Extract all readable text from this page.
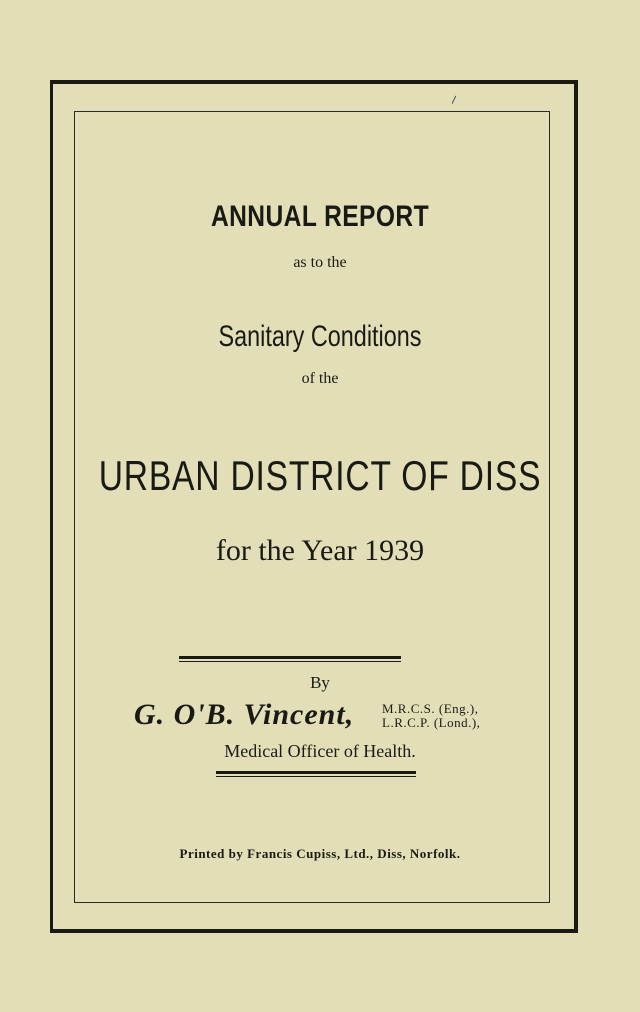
⸝
ANNUAL REPORT
as to the
Sanitary Conditions
of the
URBAN DISTRICT OF DISS
for the Year 1939
By
G. O'B. Vincent, M.R.C.S. (Eng.),
L.R.C.P. (Lond.),
Medical Officer of Health.
Printed by Francis Cupiss, Ltd., Diss, Norfolk.
